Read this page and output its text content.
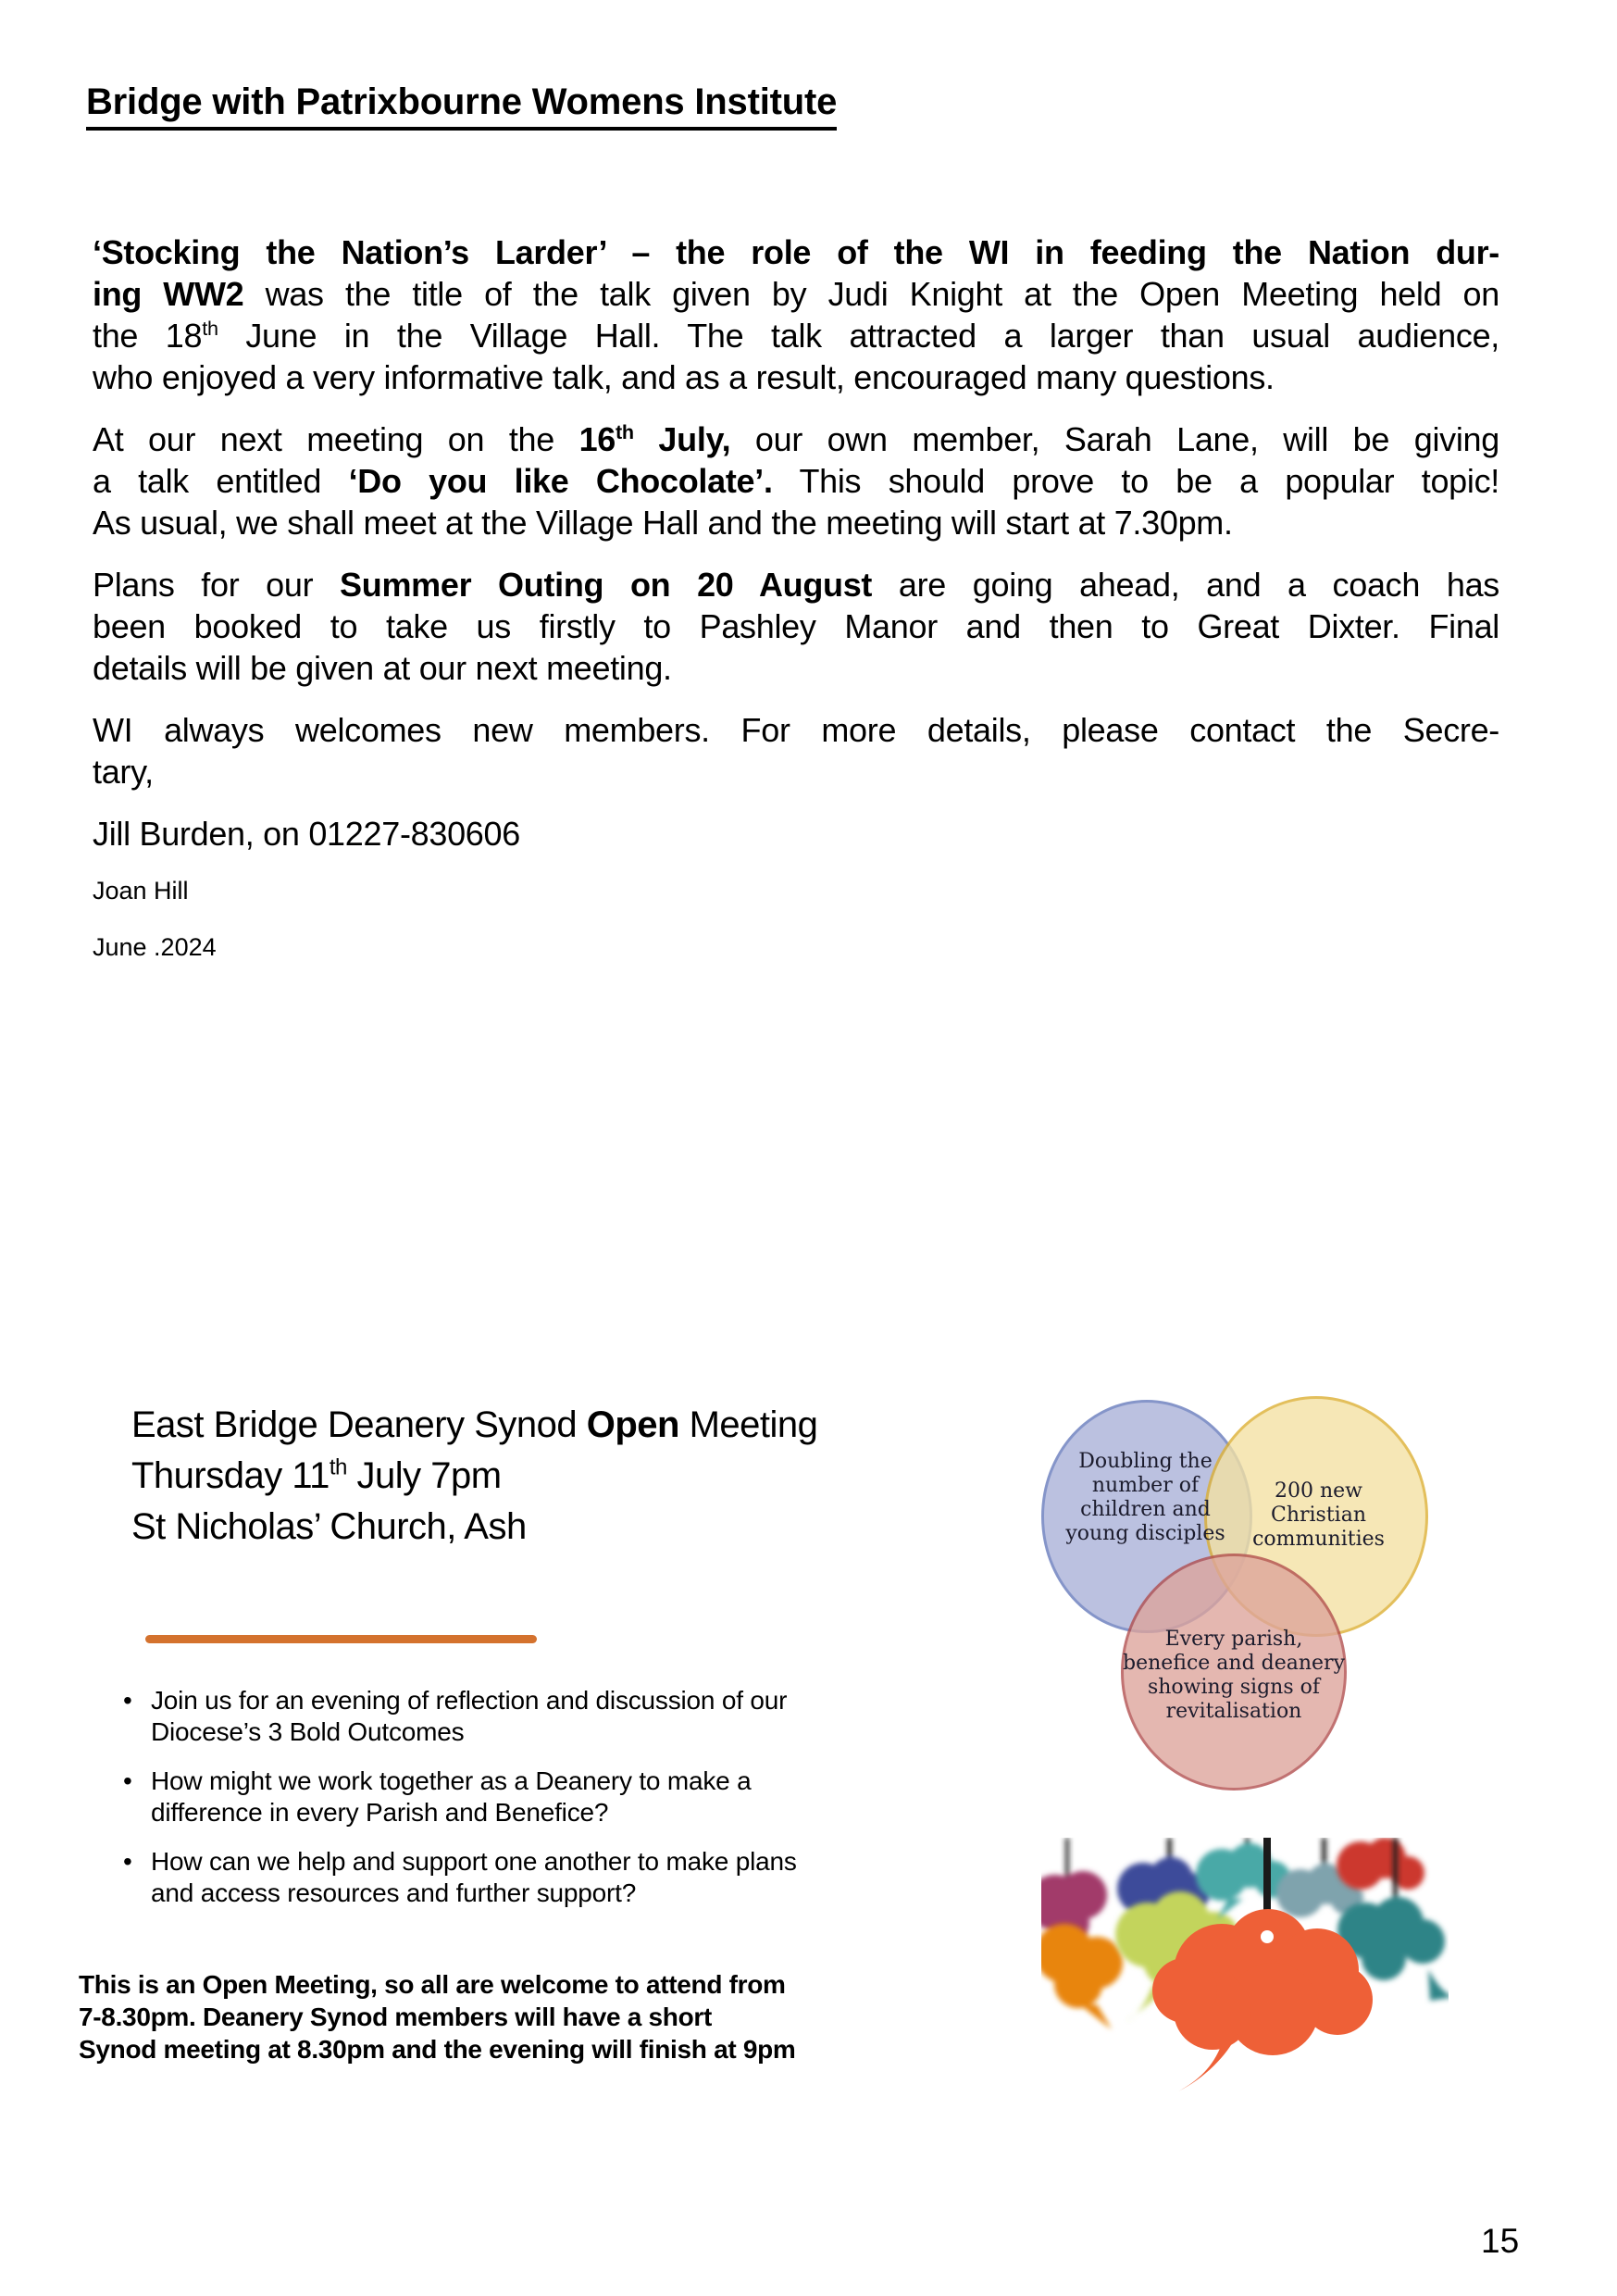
Bridge with Patrixbourne Womens Institute
‘Stocking the Nation’s Larder’ – the role of the WI in feeding the Nation dur-
ing WW2 was the title of the talk given by Judi Knight at the Open Meeting held on
the 18th June in the Village Hall. The talk attracted a larger than usual audience,
who enjoyed a very informative talk, and as a result, encouraged many questions.
At our next meeting on the 16th July, our own member, Sarah Lane, will be giving
a talk entitled ‘Do you like Chocolate’. This should prove to be a popular topic!
As usual, we shall meet at the Village Hall and the meeting will start at 7.30pm.
Plans for our Summer Outing on 20 August are going ahead, and a coach has
been booked to take us firstly to Pashley Manor and then to Great Dixter. Final
details will be given at our next meeting.
WI always welcomes new members. For more details, please contact the Secre-
tary,
Jill Burden, on 01227-830606
Joan Hill
June .2024
East Bridge Deanery Synod Open Meeting
Thursday 11th July 7pm
St Nicholas’ Church, Ash
• Join us for an evening of reflection and discussion of our
Diocese’s 3 Bold Outcomes
• How might we work together as a Deanery to make a
difference in every Parish and Benefice?
• How can we help and support one another to make plans
and access resources and further support?
This is an Open Meeting, so all are welcome to attend from
7-8.30pm. Deanery Synod members will have a short
Synod meeting at 8.30pm and the evening will finish at 9pm
Doubling the number of children and young disciples
200 new Christian communities
Every parish, benefice and deanery showing signs of revitalisation
15
